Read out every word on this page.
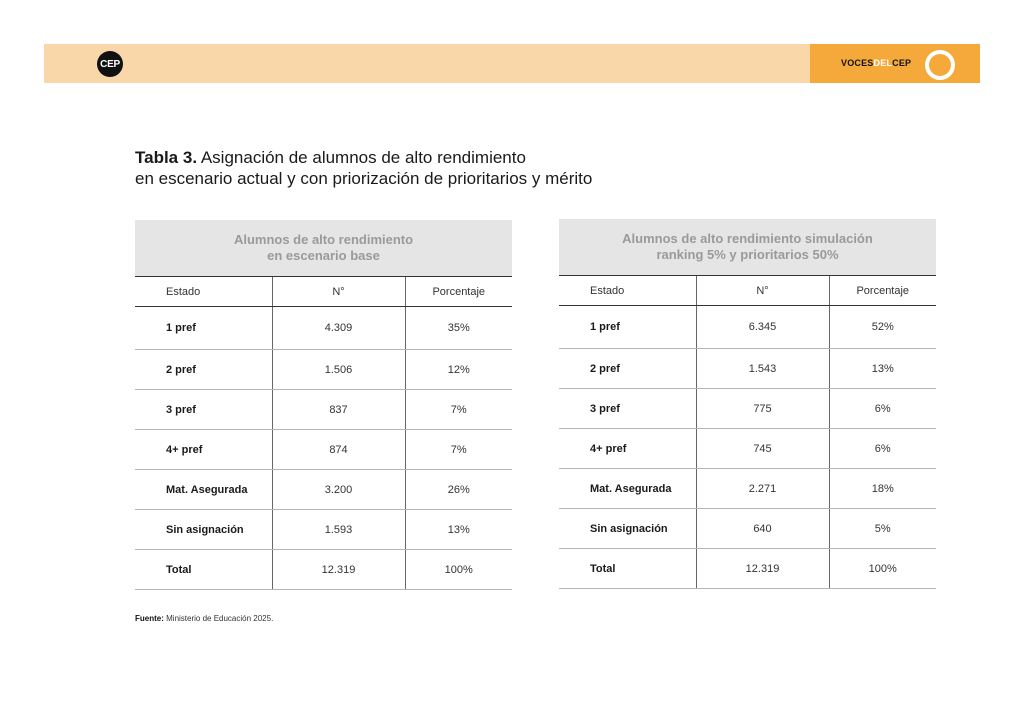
CEP	VOCESDELCEP
Tabla 3. Asignación de alumnos de alto rendimiento
en escenario actual y con priorización de prioritarios y mérito
Alumnos de alto rendimiento
en escenario base		
Estado	N°	Porcentaje
1 pref	4.309	35%
2 pref	1.506	12%
3 pref	837	7%
4+ pref	874	7%
Mat. Asegurada	3.200	26%
Sin asignación	1.593	13%
Total	12.319	100%
Alumnos de alto rendimiento simulación
ranking 5% y prioritarios 50%		
Estado	N°	Porcentaje
1 pref	6.345	52%
2 pref	1.543	13%
3 pref	775	6%
4+ pref	745	6%
Mat. Asegurada	2.271	18%
Sin asignación	640	5%
Total	12.319	100%
Fuente: Ministerio de Educación 2025.
